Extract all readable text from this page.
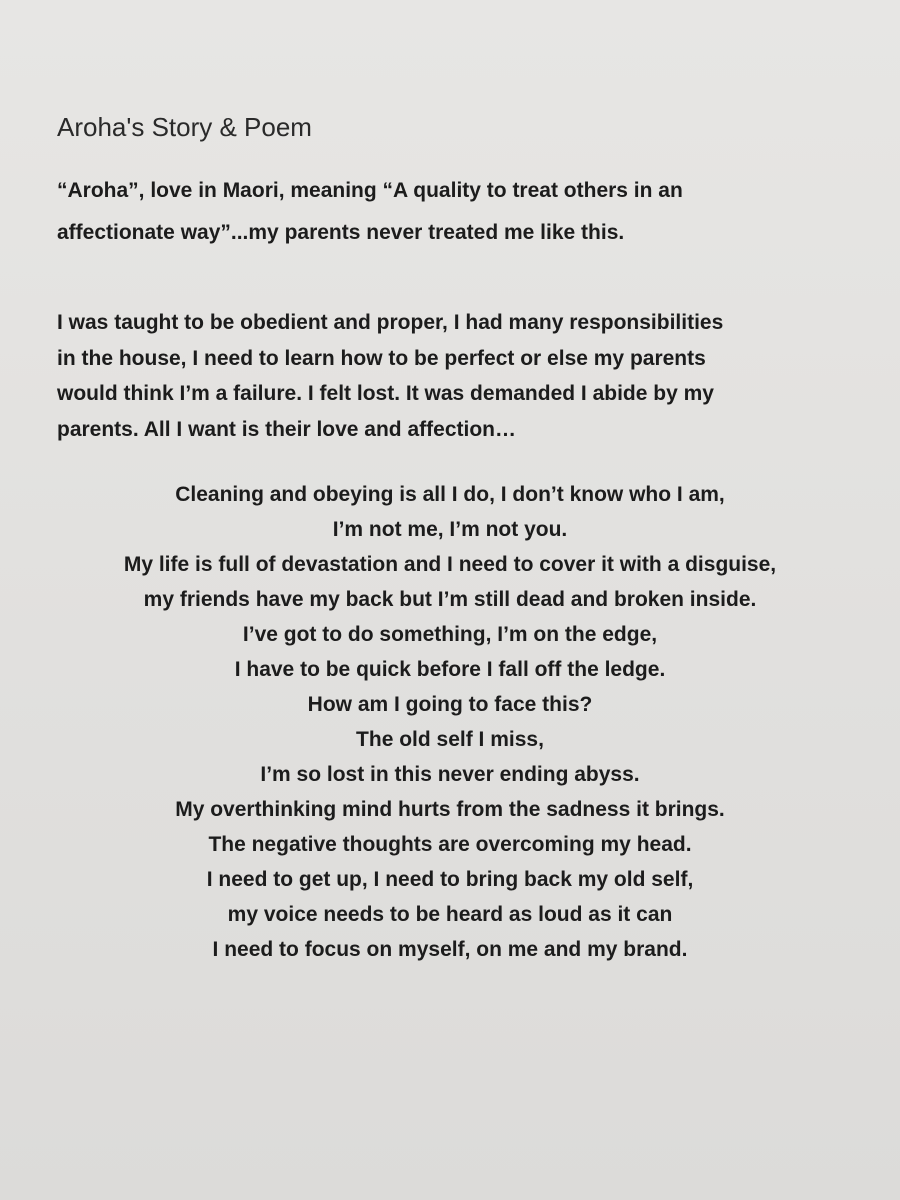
Aroha's Story & Poem

“Aroha”, love in Maori, meaning “A quality to treat others in an
affectionate way”...my parents never treated me like this.

I was taught to be obedient and proper, I had many responsibilities
in the house, I need to learn how to be perfect or else my parents
would think I’m a failure. I felt lost. It was demanded I abide by my
parents. All I want is their love and affection…

Cleaning and obeying is all I do, I don’t know who I am,
I’m not me, I’m not you.
My life is full of devastation and I need to cover it with a disguise,
my friends have my back but I’m still dead and broken inside.
I’ve got to do something, I’m on the edge,
I have to be quick before I fall off the ledge.
How am I going to face this?
The old self I miss,
I’m so lost in this never ending abyss.
My overthinking mind hurts from the sadness it brings.
The negative thoughts are overcoming my head.
I need to get up, I need to bring back my old self,
my voice needs to be heard as loud as it can
I need to focus on myself, on me and my brand.
